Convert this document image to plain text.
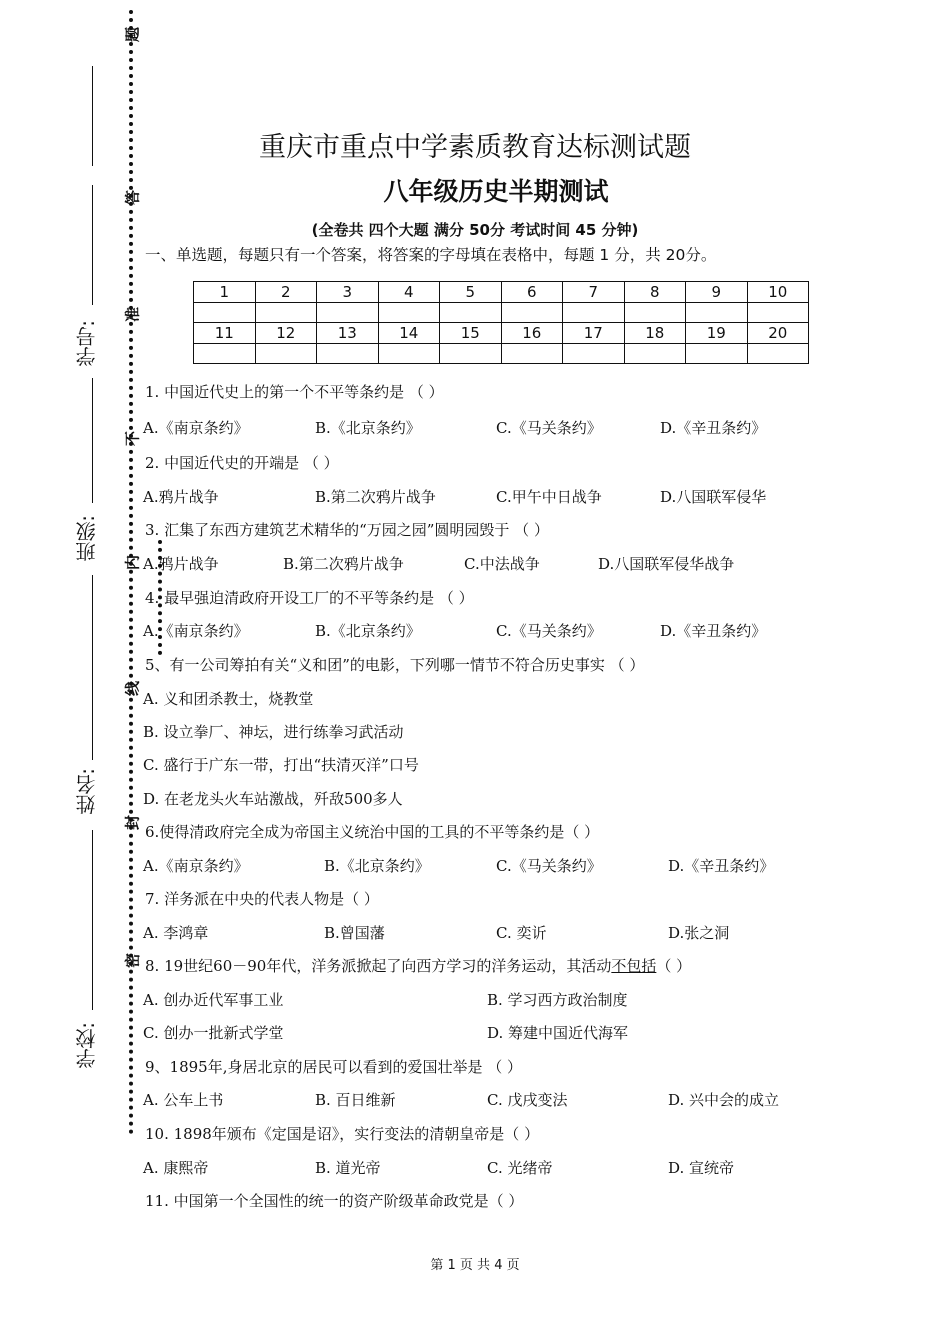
题
答
准
不
内
线
封
密
学号:
班级:
姓名:
学校:
重庆市重点中学素质教育达标测试题
八年级历史半期测试
(全卷共 四个大题 满分 50分 考试时间 45 分钟)
一、单选题，每题只有一个答案，将答案的字母填在表格中，每题 1 分，共 20分。
1	2	3	4	5	6	7	8	9	10

11	12	13	14	15	16	17	18	19	20

1. 中国近代史上的第一个不平等条约是 （ ）
A.《南京条约》	B.《北京条约》	C.《马关条约》	D.《辛丑条约》
2. 中国近代史的开端是 （ ）
A.鸦片战争	B.第二次鸦片战争	C.甲午中日战争	D.八国联军侵华
3. 汇集了东西方建筑艺术精华的“万园之园”圆明园毁于 （ ）
A.鸦片战争	B.第二次鸦片战争	C.中法战争	D.八国联军侵华战争
4. 最早强迫清政府开设工厂的不平等条约是 （ ）
A.《南京条约》	B.《北京条约》	C.《马关条约》	D.《辛丑条约》
5、有一公司筹拍有关“义和团”的电影，下列哪一情节不符合历史事实 （ ）
A. 义和团杀教士，烧教堂
B. 设立拳厂、神坛，进行练拳习武活动
C. 盛行于广东一带，打出“扶清灭洋”口号
D. 在老龙头火车站激战，歼敌500多人
6.使得清政府完全成为帝国主义统治中国的工具的不平等条约是（ ）
A.《南京条约》	B.《北京条约》	C.《马关条约》	D.《辛丑条约》
7. 洋务派在中央的代表人物是（ ）
A. 李鸿章	B.曾国藩	C. 奕䜣	D.张之洞
8. 19世纪60－90年代，洋务派掀起了向西方学习的洋务运动，其活动不包括（ ）
A. 创办近代军事工业	B. 学习西方政治制度
C. 创办一批新式学堂	D. 筹建中国近代海军
9、1895年,身居北京的居民可以看到的爱国壮举是 （ ）
A. 公车上书	B. 百日维新	C. 戊戌变法	D. 兴中会的成立
10. 1898年颁布《定国是诏》，实行变法的清朝皇帝是（ ）
A. 康熙帝	B. 道光帝	C. 光绪帝	D. 宣统帝
11. 中国第一个全国性的统一的资产阶级革命政党是（ ）
第 1 页 共 4 页
